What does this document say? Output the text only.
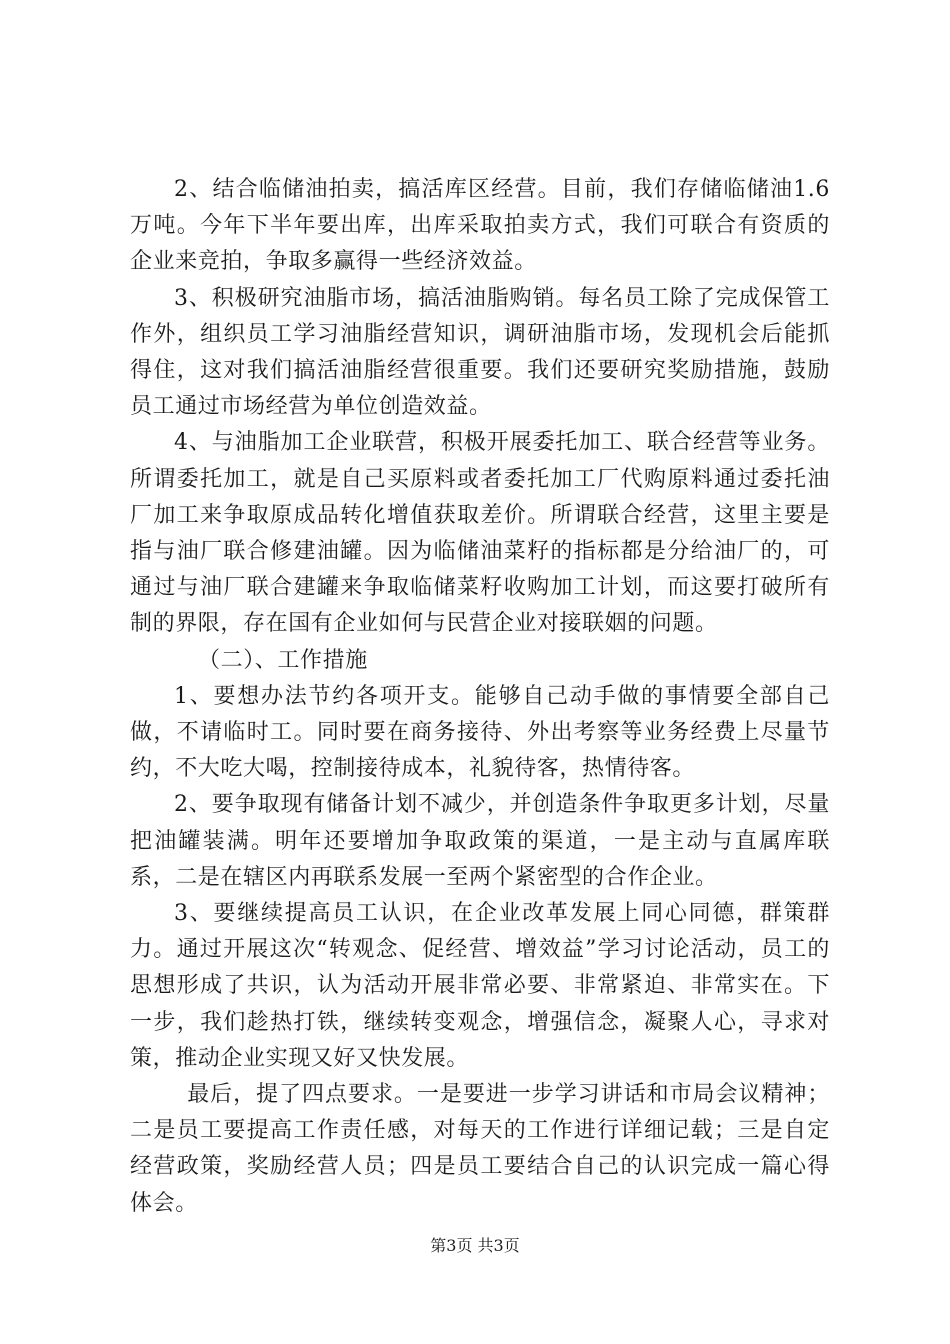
2、结合临储油拍卖，搞活库区经营。目前，我们存储临储油1.6万吨。今年下半年要出库，出库采取拍卖方式，我们可联合有资质的企业来竞拍，争取多赢得一些经济效益。

3、积极研究油脂市场，搞活油脂购销。每名员工除了完成保管工作外，组织员工学习油脂经营知识，调研油脂市场，发现机会后能抓得住，这对我们搞活油脂经营很重要。我们还要研究奖励措施，鼓励员工通过市场经营为单位创造效益。

4、与油脂加工企业联营，积极开展委托加工、联合经营等业务。所谓委托加工，就是自己买原料或者委托加工厂代购原料通过委托油厂加工来争取原成品转化增值获取差价。所谓联合经营，这里主要是指与油厂联合修建油罐。因为临储油菜籽的指标都是分给油厂的，可通过与油厂联合建罐来争取临储菜籽收购加工计划，而这要打破所有制的界限，存在国有企业如何与民营企业对接联姻的问题。

（二）、工作措施

1、要想办法节约各项开支。能够自己动手做的事情要全部自己做，不请临时工。同时要在商务接待、外出考察等业务经费上尽量节约，不大吃大喝，控制接待成本，礼貌待客，热情待客。

2、要争取现有储备计划不减少，并创造条件争取更多计划，尽量把油罐装满。明年还要增加争取政策的渠道，一是主动与直属库联系，二是在辖区内再联系发展一至两个紧密型的合作企业。

3、要继续提高员工认识，在企业改革发展上同心同德，群策群力。通过开展这次“转观念、促经营、增效益”学习讨论活动，员工的思想形成了共识，认为活动开展非常必要、非常紧迫、非常实在。下一步，我们趁热打铁，继续转变观念，增强信念，凝聚人心，寻求对策，推动企业实现又好又快发展。

最后，提了四点要求。一是要进一步学习讲话和市局会议精神；二是员工要提高工作责任感，对每天的工作进行详细记载；三是自定经营政策，奖励经营人员；四是员工要结合自己的认识完成一篇心得体会。

第3页 共3页
